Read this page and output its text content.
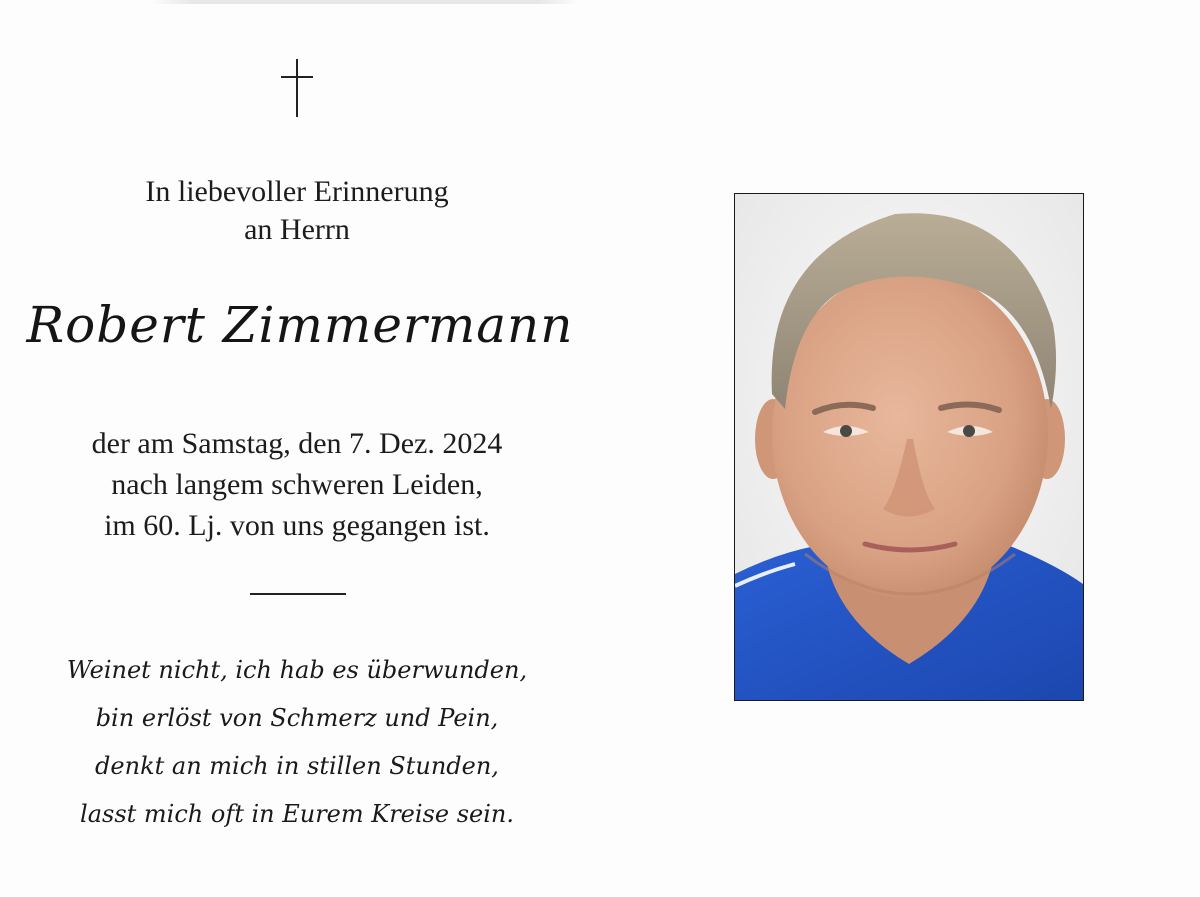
In liebevoller Erinnerung
an Herrn
Robert Zimmermann
der am Samstag, den 7. Dez. 2024
nach langem schweren Leiden,
im 60. Lj. von uns gegangen ist.
Weinet nicht, ich hab es überwunden,
bin erlöst von Schmerz und Pein,
denkt an mich in stillen Stunden,
lasst mich oft in Eurem Kreise sein.
